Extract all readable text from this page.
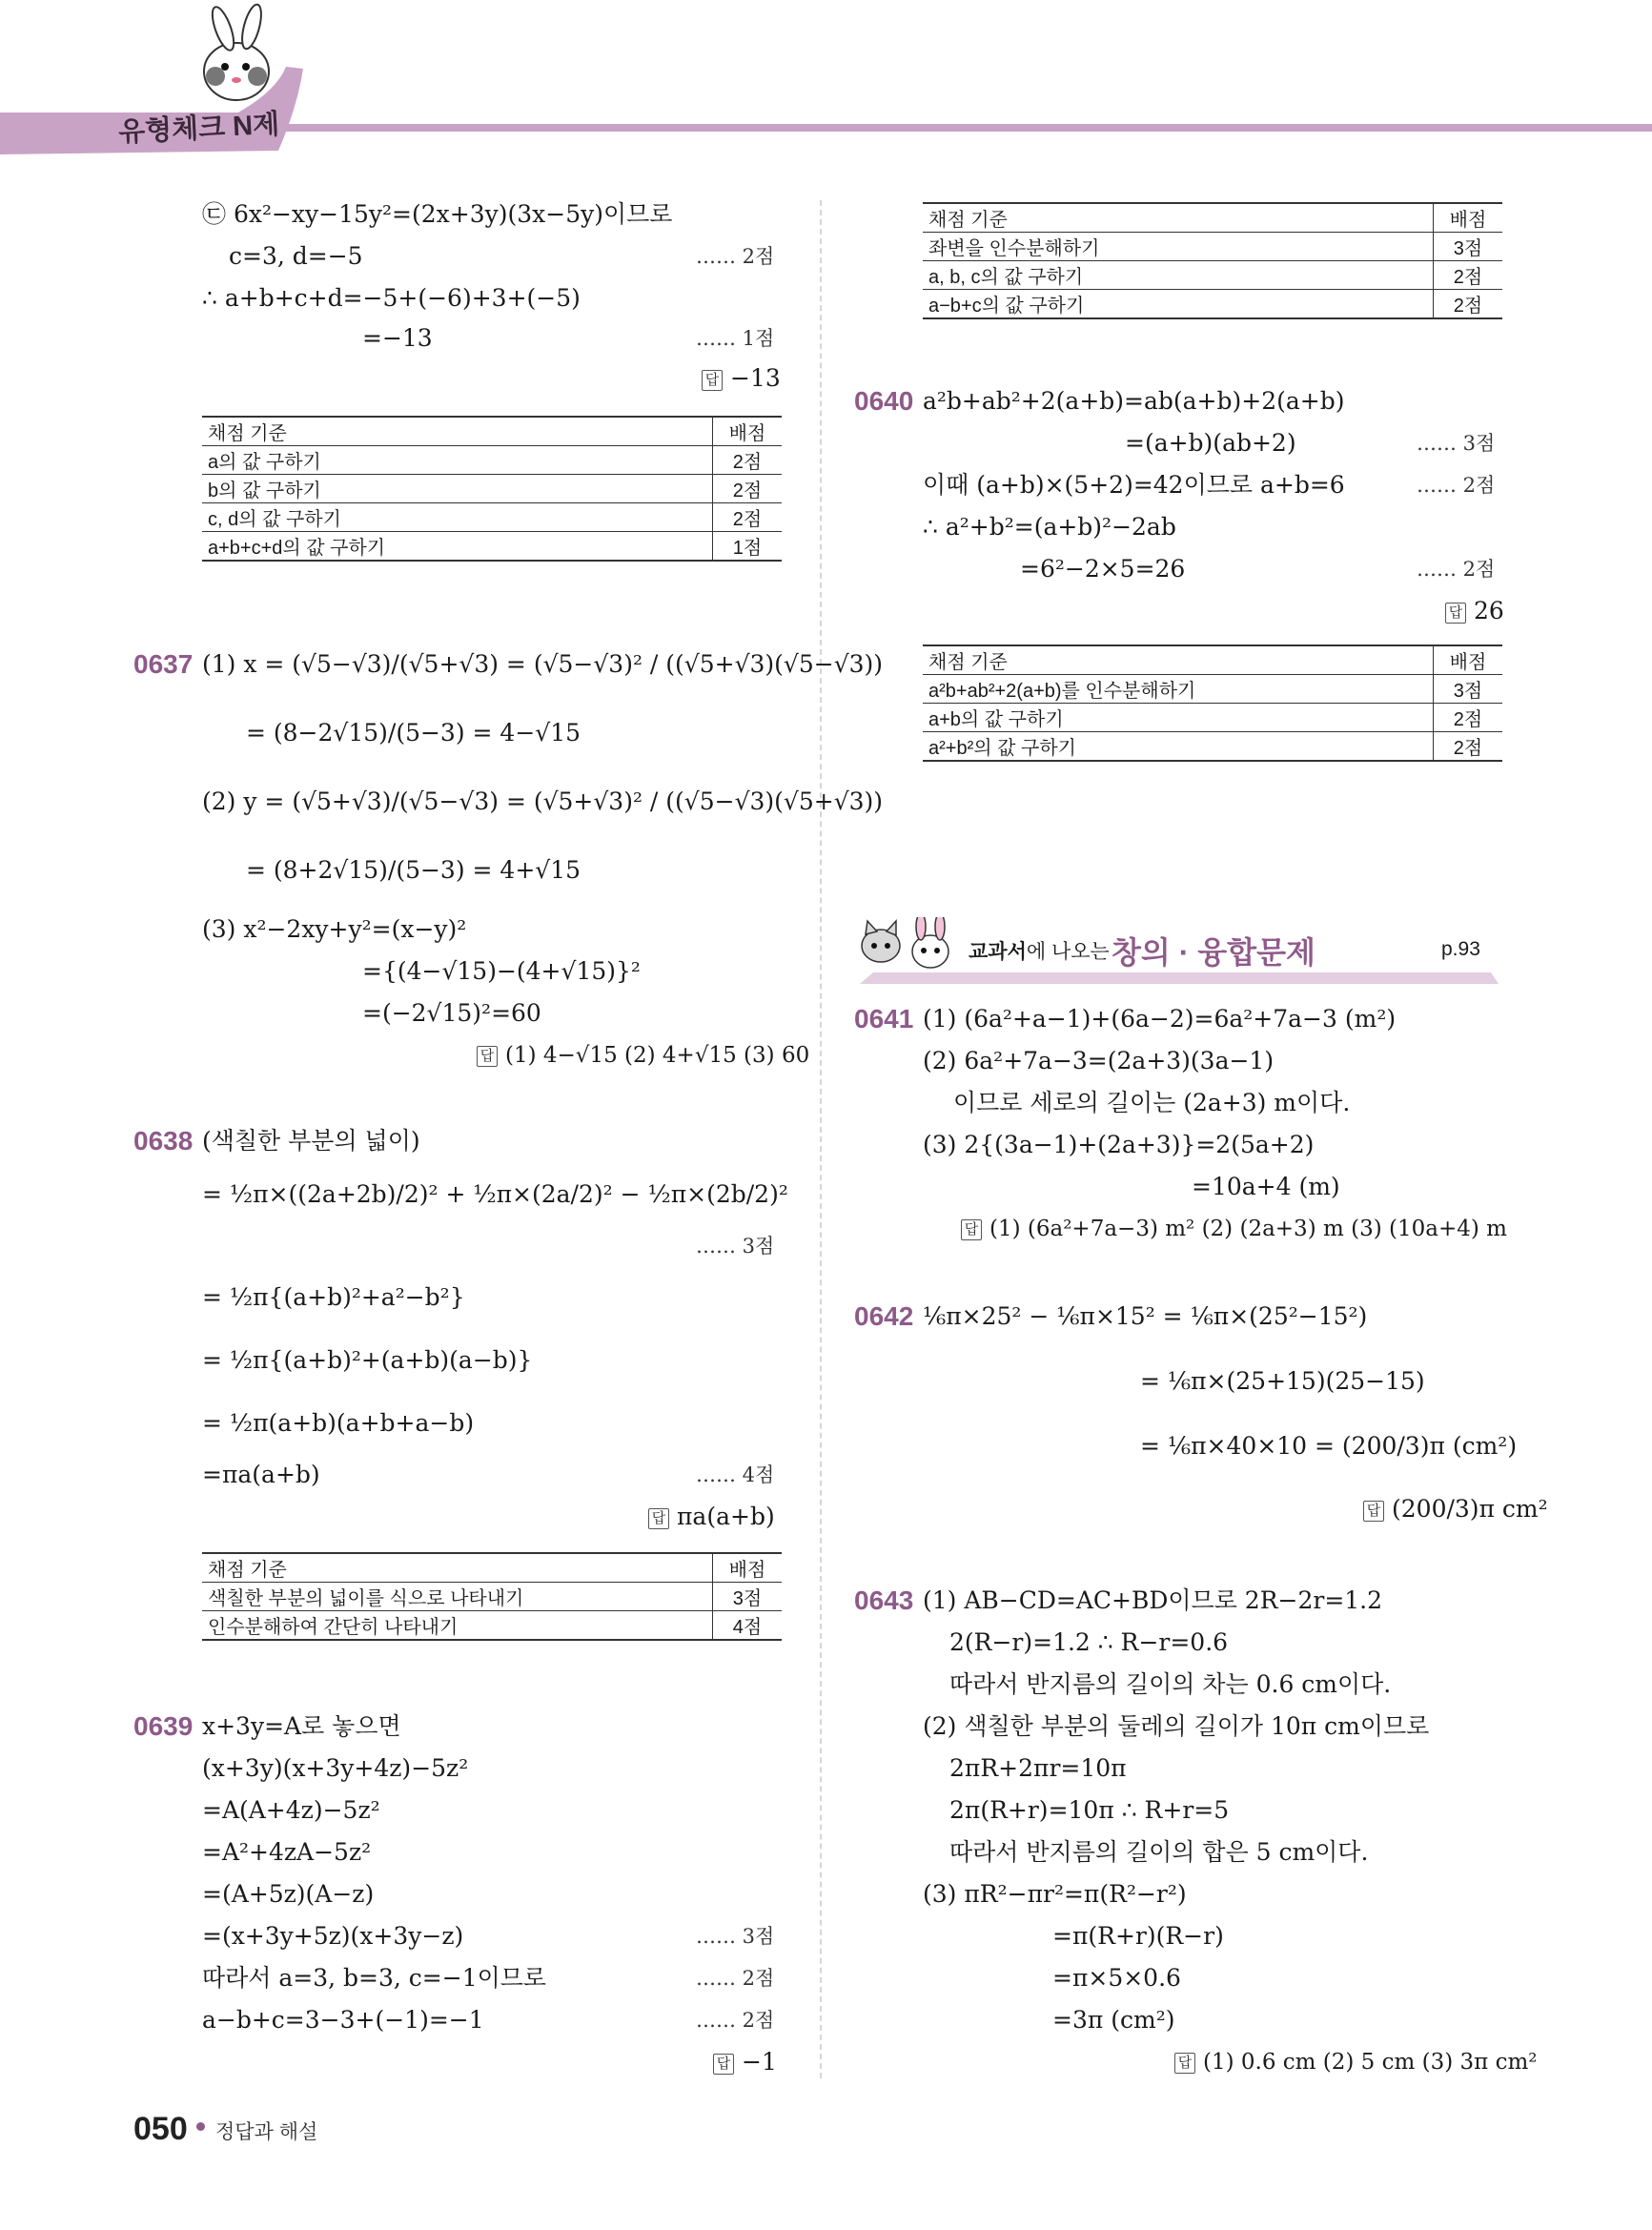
유형체크 N제
㉢ 6x²−xy−15y²=(2x+3y)(3x−5y)이므로
c=3, d=−5	…… 2점
∴ a+b+c+d=−5+(−6)+3+(−5)
=−13	…… 1점
답 −13
채점 기준	배점
a의 값 구하기	2점
b의 값 구하기	2점
c, d의 값 구하기	2점
a+b+c+d의 값 구하기	1점
0637 (1) x = (√5−√3)/(√5+√3) = (√5−√3)² / ((√5+√3)(√5−√3))
= (8−2√15)/(5−3) = 4−√15
(2) y = (√5+√3)/(√5−√3) = (√5+√3)² / ((√5−√3)(√5+√3))
= (8+2√15)/(5−3) = 4+√15
(3) x²−2xy+y²=(x−y)²
={(4−√15)−(4+√15)}²
=(−2√15)²=60
답 (1) 4−√15 (2) 4+√15 (3) 60
0638 (색칠한 부분의 넓이)
= ½π×((2a+2b)/2)² + ½π×(2a/2)² − ½π×(2b/2)²
…… 3점
= ½π{(a+b)²+a²−b²}
= ½π{(a+b)²+(a+b)(a−b)}
= ½π(a+b)(a+b+a−b)
=πa(a+b)	…… 4점
답 πa(a+b)
채점 기준	배점
색칠한 부분의 넓이를 식으로 나타내기	3점
인수분해하여 간단히 나타내기	4점
0639 x+3y=A로 놓으면
(x+3y)(x+3y+4z)−5z²
=A(A+4z)−5z²
=A²+4zA−5z²
=(A+5z)(A−z)
=(x+3y+5z)(x+3y−z)	…… 3점
따라서 a=3, b=3, c=−1이므로	…… 2점
a−b+c=3−3+(−1)=−1	…… 2점
답 −1
채점 기준	배점
좌변을 인수분해하기	3점
a, b, c의 값 구하기	2점
a−b+c의 값 구하기	2점
0640 a²b+ab²+2(a+b)=ab(a+b)+2(a+b)
=(a+b)(ab+2)	…… 3점
이때 (a+b)×(5+2)=42이므로 a+b=6	…… 2점
∴ a²+b²=(a+b)²−2ab
=6²−2×5=26	…… 2점
답 26
채점 기준	배점
a²b+ab²+2(a+b)를 인수분해하기	3점
a+b의 값 구하기	2점
a²+b²의 값 구하기	2점
교과서에 나오는 창의 · 융합문제	p.93
0641 (1) (6a²+a−1)+(6a−2)=6a²+7a−3 (m²)
(2) 6a²+7a−3=(2a+3)(3a−1)
이므로 세로의 길이는 (2a+3) m이다.
(3) 2{(3a−1)+(2a+3)}=2(5a+2)
=10a+4 (m)
답 (1) (6a²+7a−3) m² (2) (2a+3) m (3) (10a+4) m
0642 ⅙π×25² − ⅙π×15² = ⅙π×(25²−15²)
= ⅙π×(25+15)(25−15)
= ⅙π×40×10 = (200/3)π (cm²)
답 (200/3)π cm²
0643 (1) AB−CD=AC+BD이므로 2R−2r=1.2
2(R−r)=1.2 ∴ R−r=0.6
따라서 반지름의 길이의 차는 0.6 cm이다.
(2) 색칠한 부분의 둘레의 길이가 10π cm이므로
2πR+2πr=10π
2π(R+r)=10π ∴ R+r=5
따라서 반지름의 길이의 합은 5 cm이다.
(3) πR²−πr²=π(R²−r²)
=π(R+r)(R−r)
=π×5×0.6
=3π (cm²)
답 (1) 0.6 cm (2) 5 cm (3) 3π cm²
050 정답과 해설
